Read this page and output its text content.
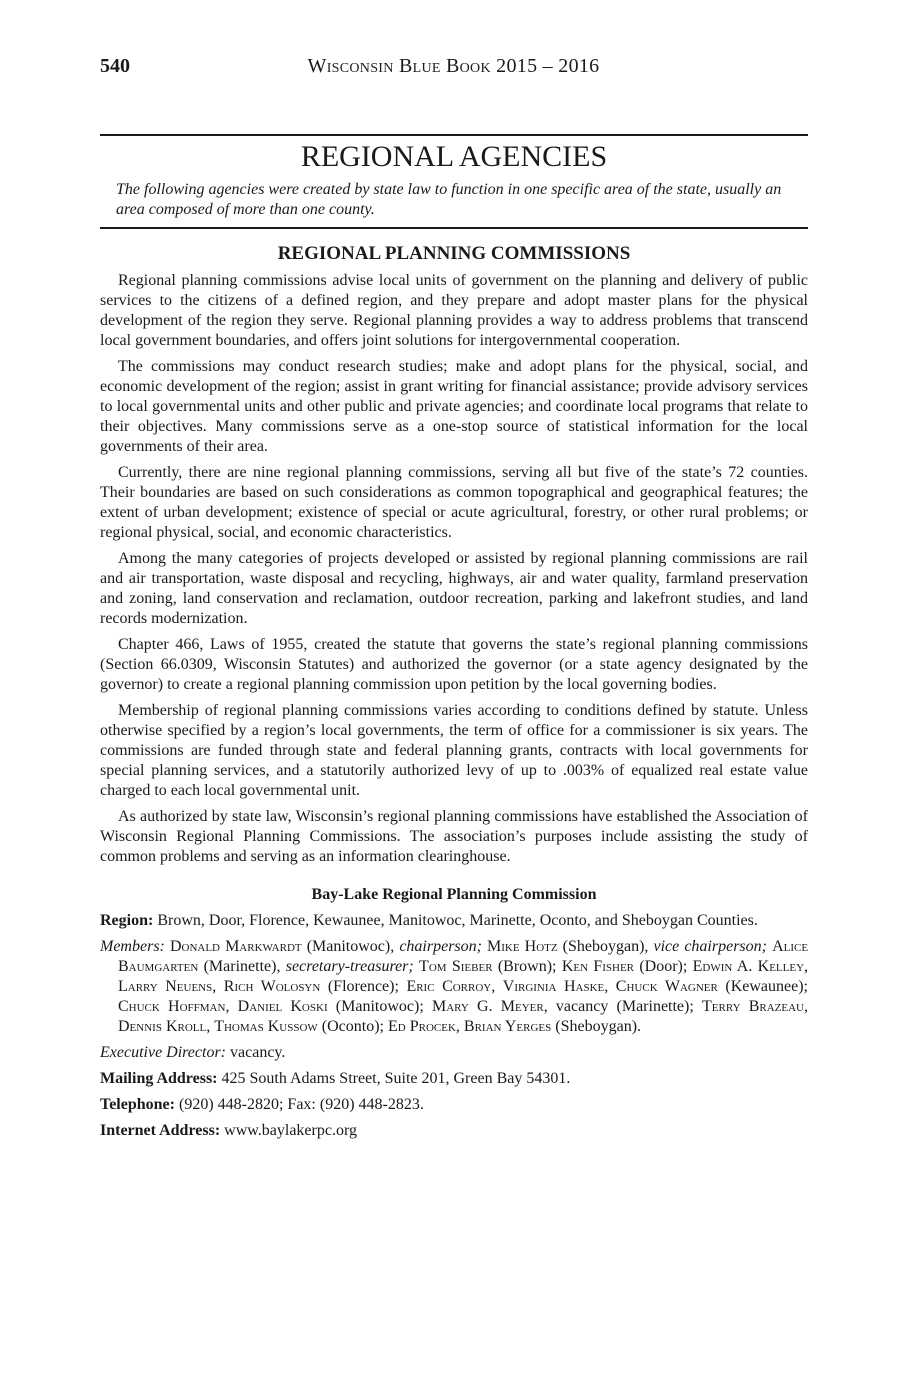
540	Wisconsin Blue Book 2015 – 2016
REGIONAL AGENCIES
The following agencies were created by state law to function in one specific area of the state, usually an area composed of more than one county.
REGIONAL PLANNING COMMISSIONS

Regional planning commissions advise local units of government on the planning and delivery of public services to the citizens of a defined region, and they prepare and adopt master plans for the physical development of the region they serve. Regional planning provides a way to address problems that transcend local government boundaries, and offers joint solutions for intergovernmental cooperation.

The commissions may conduct research studies; make and adopt plans for the physical, social, and economic development of the region; assist in grant writing for financial assistance; provide advisory services to local governmental units and other public and private agencies; and coordinate local programs that relate to their objectives. Many commissions serve as a one-stop source of statistical information for the local governments of their area.

Currently, there are nine regional planning commissions, serving all but five of the state’s 72 counties. Their boundaries are based on such considerations as common topographical and geographical features; the extent of urban development; existence of special or acute agricultural, forestry, or other rural problems; or regional physical, social, and economic characteristics.

Among the many categories of projects developed or assisted by regional planning commissions are rail and air transportation, waste disposal and recycling, highways, air and water quality, farmland preservation and zoning, land conservation and reclamation, outdoor recreation, parking and lakefront studies, and land records modernization.

Chapter 466, Laws of 1955, created the statute that governs the state’s regional planning commissions (Section 66.0309, Wisconsin Statutes) and authorized the governor (or a state agency designated by the governor) to create a regional planning commission upon petition by the local governing bodies.

Membership of regional planning commissions varies according to conditions defined by statute. Unless otherwise specified by a region’s local governments, the term of office for a commissioner is six years. The commissions are funded through state and federal planning grants, contracts with local governments for special planning services, and a statutorily authorized levy of up to .003% of equalized real estate value charged to each local governmental unit.

As authorized by state law, Wisconsin’s regional planning commissions have established the Association of Wisconsin Regional Planning Commissions. The association’s purposes include assisting the study of common problems and serving as an information clearinghouse.

Bay-Lake Regional Planning Commission
Region: Brown, Door, Florence, Kewaunee, Manitowoc, Marinette, Oconto, and Sheboygan Counties.
Members: Donald Markwardt (Manitowoc), chairperson; Mike Hotz (Sheboygan), vice chairperson; Alice Baumgarten (Marinette), secretary-treasurer; Tom Sieber (Brown); Ken Fisher (Door); Edwin A. Kelley, Larry Neuens, Rich Wolosyn (Florence); Eric Corroy, Virginia Haske, Chuck Wagner (Kewaunee); Chuck Hoffman, Daniel Koski (Manitowoc); Mary G. Meyer, vacancy (Marinette); Terry Brazeau, Dennis Kroll, Thomas Kussow (Oconto); Ed Procek, Brian Yerges (Sheboygan).
Executive Director: vacancy.
Mailing Address: 425 South Adams Street, Suite 201, Green Bay 54301.
Telephone: (920) 448-2820; Fax: (920) 448-2823.
Internet Address: www.baylakerpc.org
